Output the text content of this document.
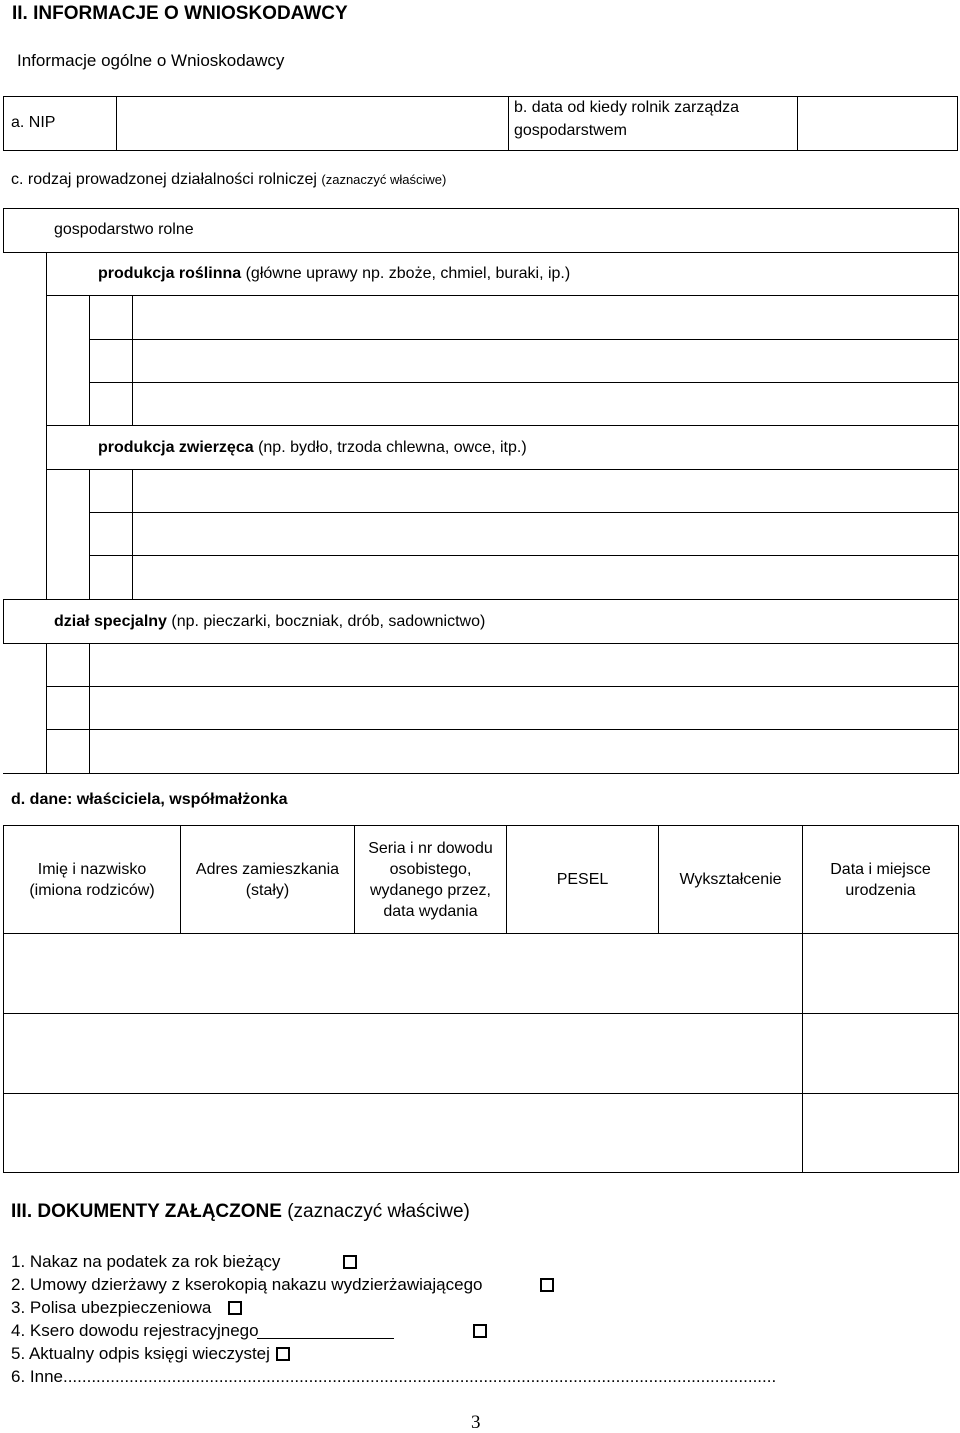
II. INFORMACJE O WNIOSKODAWCY
Informacje ogólne o Wnioskodawcy
a. NIP
b. data od kiedy rolnik zarządza
gospodarstwem
c. rodzaj prowadzonej działalności rolniczej (zaznaczyć właściwe)
gospodarstwo rolne
produkcja roślinna (główne uprawy np. zboże, chmiel, buraki, ip.)
produkcja zwierzęca (np. bydło, trzoda chlewna, owce, itp.)
dział specjalny (np. pieczarki, boczniak, drób, sadownictwo)
d. dane: właściciela, współmałżonka
Imię i nazwisko
(imiona rodziców)
Adres zamieszkania
(stały)
Seria i nr dowodu
osobistego,
wydanego przez,
data wydania
PESEL	Wykształcenie
Data i miejsce
urodzenia
III. DOKUMENTY ZAŁĄCZONE (zaznaczyć właściwe)
1. Nakaz na podatek za rok bieżący
2. Umowy dzierżawy z kserokopią nakazu wydzierżawiającego
3. Polisa ubezpieczeniowa
4. Ksero dowodu rejestracyjnego
5. Aktualny odpis księgi wieczystej
6. Inne.......................................................................................................................................................
3
